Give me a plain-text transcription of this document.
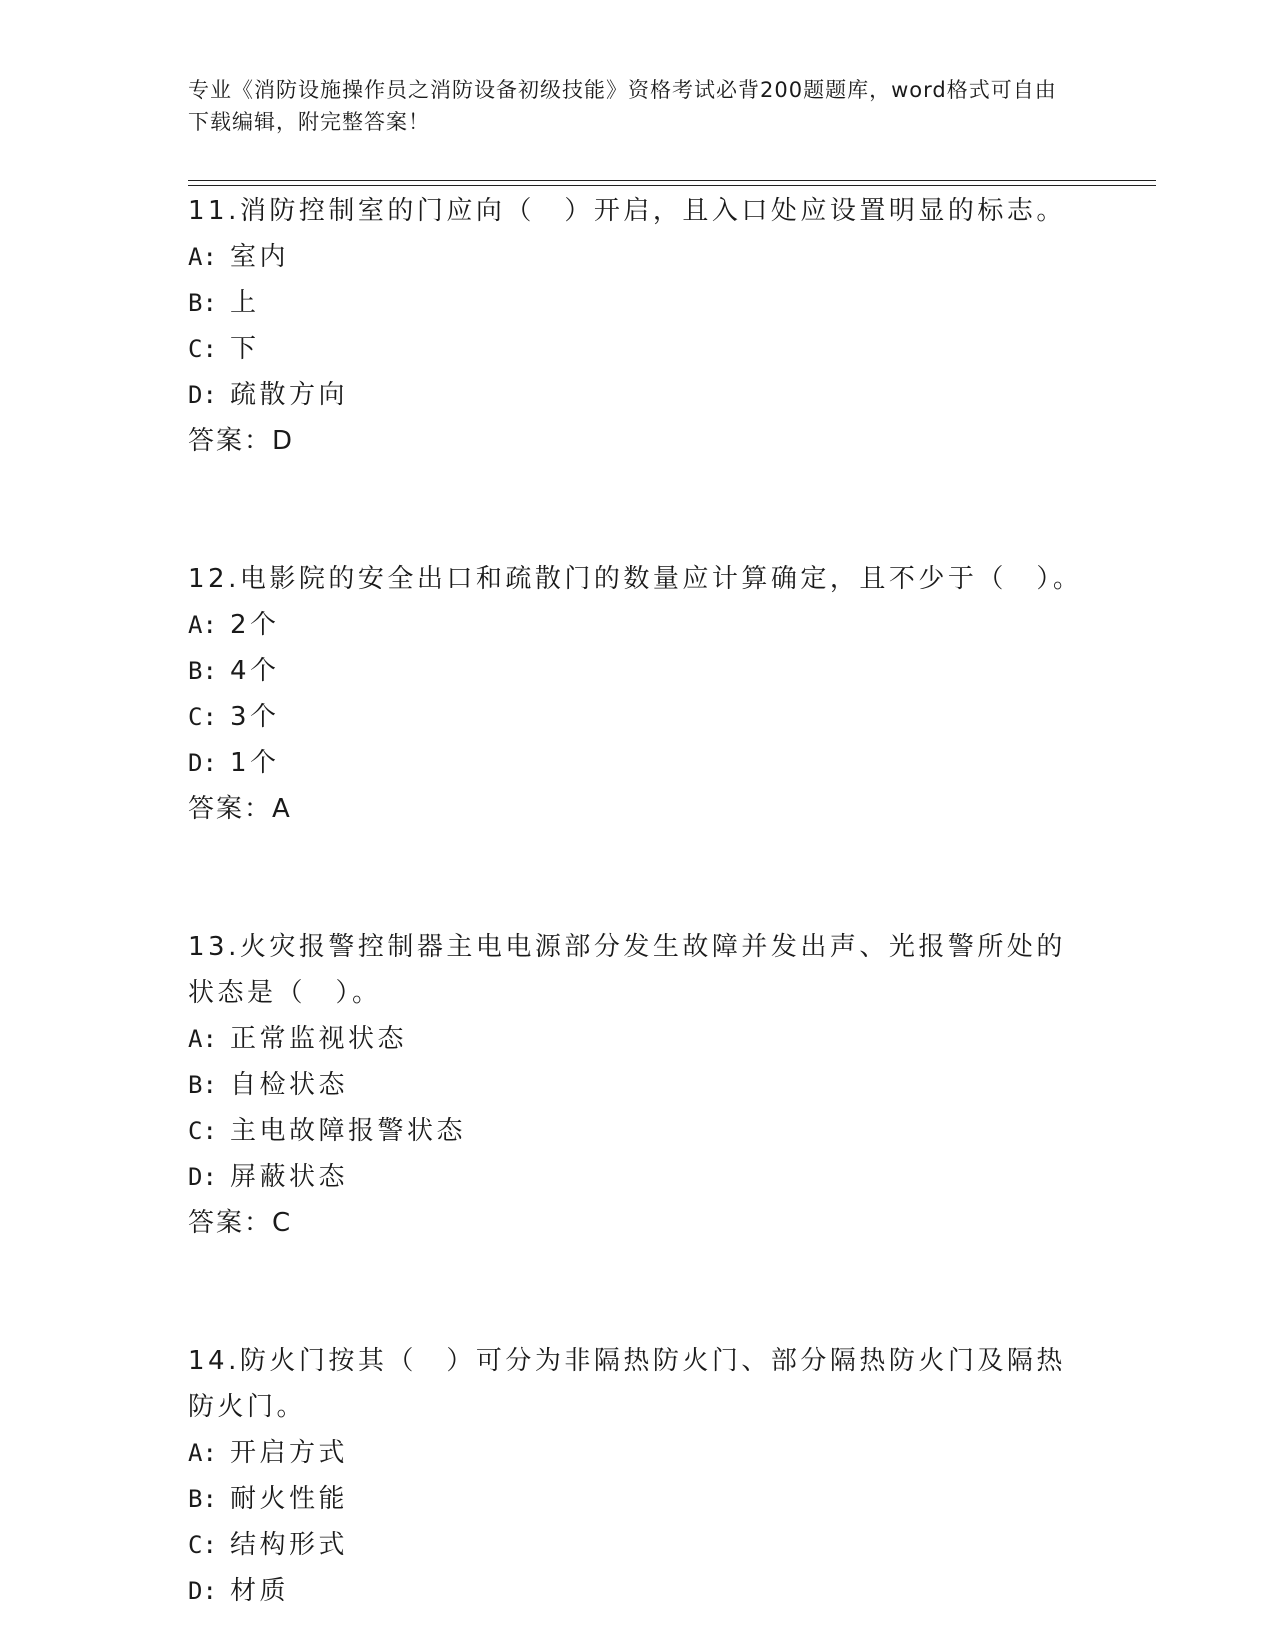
专业《消防设施操作员之消防设备初级技能》资格考试必背200题题库，word格式可自由下载编辑，附完整答案！
11.消防控制室的门应向（　）开启，且入口处应设置明显的标志。
A: 室内
B: 上
C: 下
D: 疏散方向
答案：D
12.电影院的安全出口和疏散门的数量应计算确定，且不少于（　）。
A: 2个
B: 4个
C: 3个
D: 1个
答案：A
13.火灾报警控制器主电电源部分发生故障并发出声、光报警所处的状态是（　）。
A: 正常监视状态
B: 自检状态
C: 主电故障报警状态
D: 屏蔽状态
答案：C
14.防火门按其（　）可分为非隔热防火门、部分隔热防火门及隔热防火门。
A: 开启方式
B: 耐火性能
C: 结构形式
D: 材质
